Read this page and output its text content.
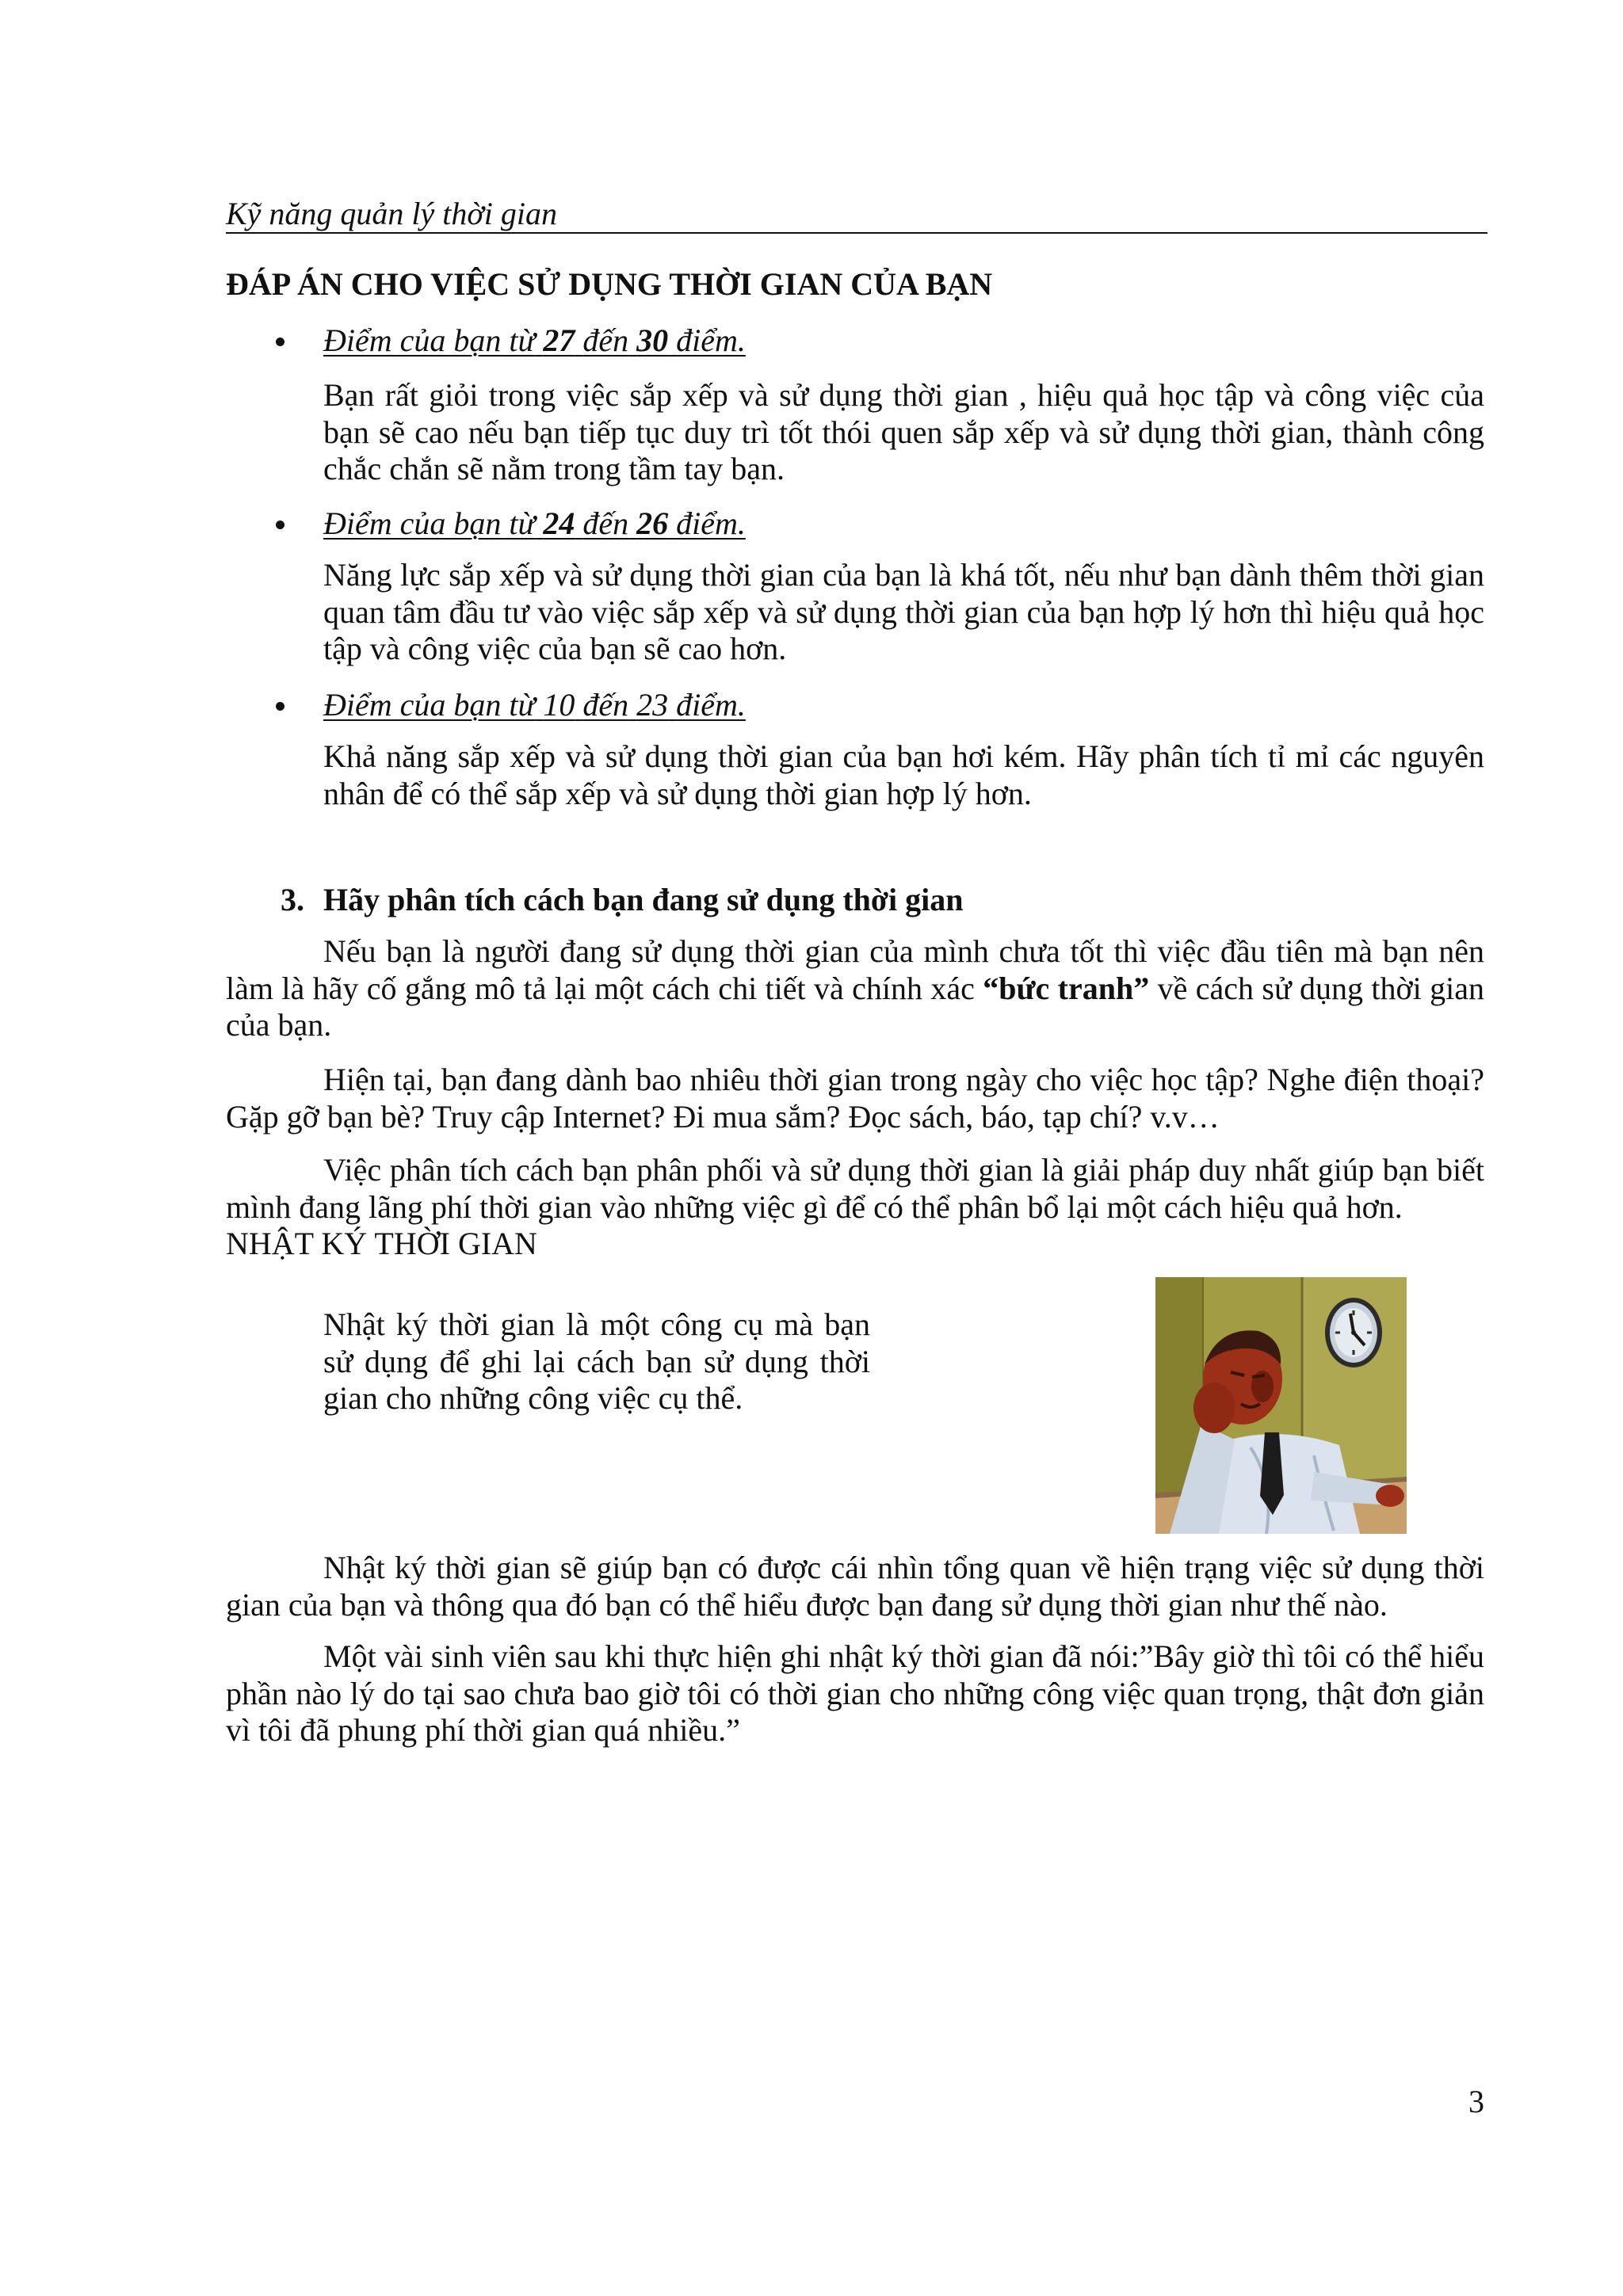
Kỹ năng quản lý thời gian
ĐÁP ÁN CHO VIỆC SỬ DỤNG THỜI GIAN CỦA BẠN
Điểm của bạn từ 27 đến 30 điểm.
Bạn rất giỏi trong việc sắp xếp và sử dụng thời gian , hiệu quả học tập và công việc của bạn sẽ cao nếu bạn tiếp tục duy trì tốt thói quen sắp xếp và sử dụng thời gian, thành công chắc chắn sẽ nằm trong tầm tay bạn.
Điểm của bạn từ 24 đến 26 điểm.
Năng lực sắp xếp và sử dụng thời gian của bạn là khá tốt, nếu như bạn dành thêm thời gian quan tâm đầu tư vào việc sắp xếp và sử dụng thời gian của bạn hợp lý hơn thì hiệu quả học tập và công việc của bạn sẽ cao hơn.
Điểm của bạn từ 10 đến 23 điểm.
Khả năng sắp xếp và sử dụng thời gian của bạn hơi kém. Hãy phân tích tỉ mỉ các nguyên nhân để có thể sắp xếp và sử dụng thời gian hợp lý hơn.
3. Hãy phân tích cách bạn đang sử dụng thời gian
Nếu bạn là người đang sử dụng thời gian của mình chưa tốt thì việc đầu tiên mà bạn nên làm là hãy cố gắng mô tả lại một cách chi tiết và chính xác “bức tranh” về cách sử dụng thời gian của bạn.
Hiện tại, bạn đang dành bao nhiêu thời gian trong ngày cho việc học tập? Nghe điện thoại? Gặp gỡ bạn bè? Truy cập Internet? Đi mua sắm? Đọc sách, báo, tạp chí? v.v…
Việc phân tích cách bạn phân phối và sử dụng thời gian là giải pháp duy nhất giúp bạn biết mình đang lãng phí thời gian vào những việc gì để có thể phân bổ lại một cách hiệu quả hơn.
NHẬT KÝ THỜI GIAN
Nhật ký thời gian là một công cụ mà bạn sử dụng để ghi lại cách bạn sử dụng thời gian cho những công việc cụ thể.
Nhật ký thời gian sẽ giúp bạn có được cái nhìn tổng quan về hiện trạng việc sử dụng thời gian của bạn và thông qua đó bạn có thể hiểu được bạn đang sử dụng thời gian như thế nào.
Một vài sinh viên sau khi thực hiện ghi nhật ký thời gian đã nói:”Bây giờ thì tôi có thể hiểu phần nào lý do tại sao chưa bao giờ tôi có thời gian cho những công việc quan trọng, thật đơn giản vì tôi đã phung phí thời gian quá nhiều.”
3
